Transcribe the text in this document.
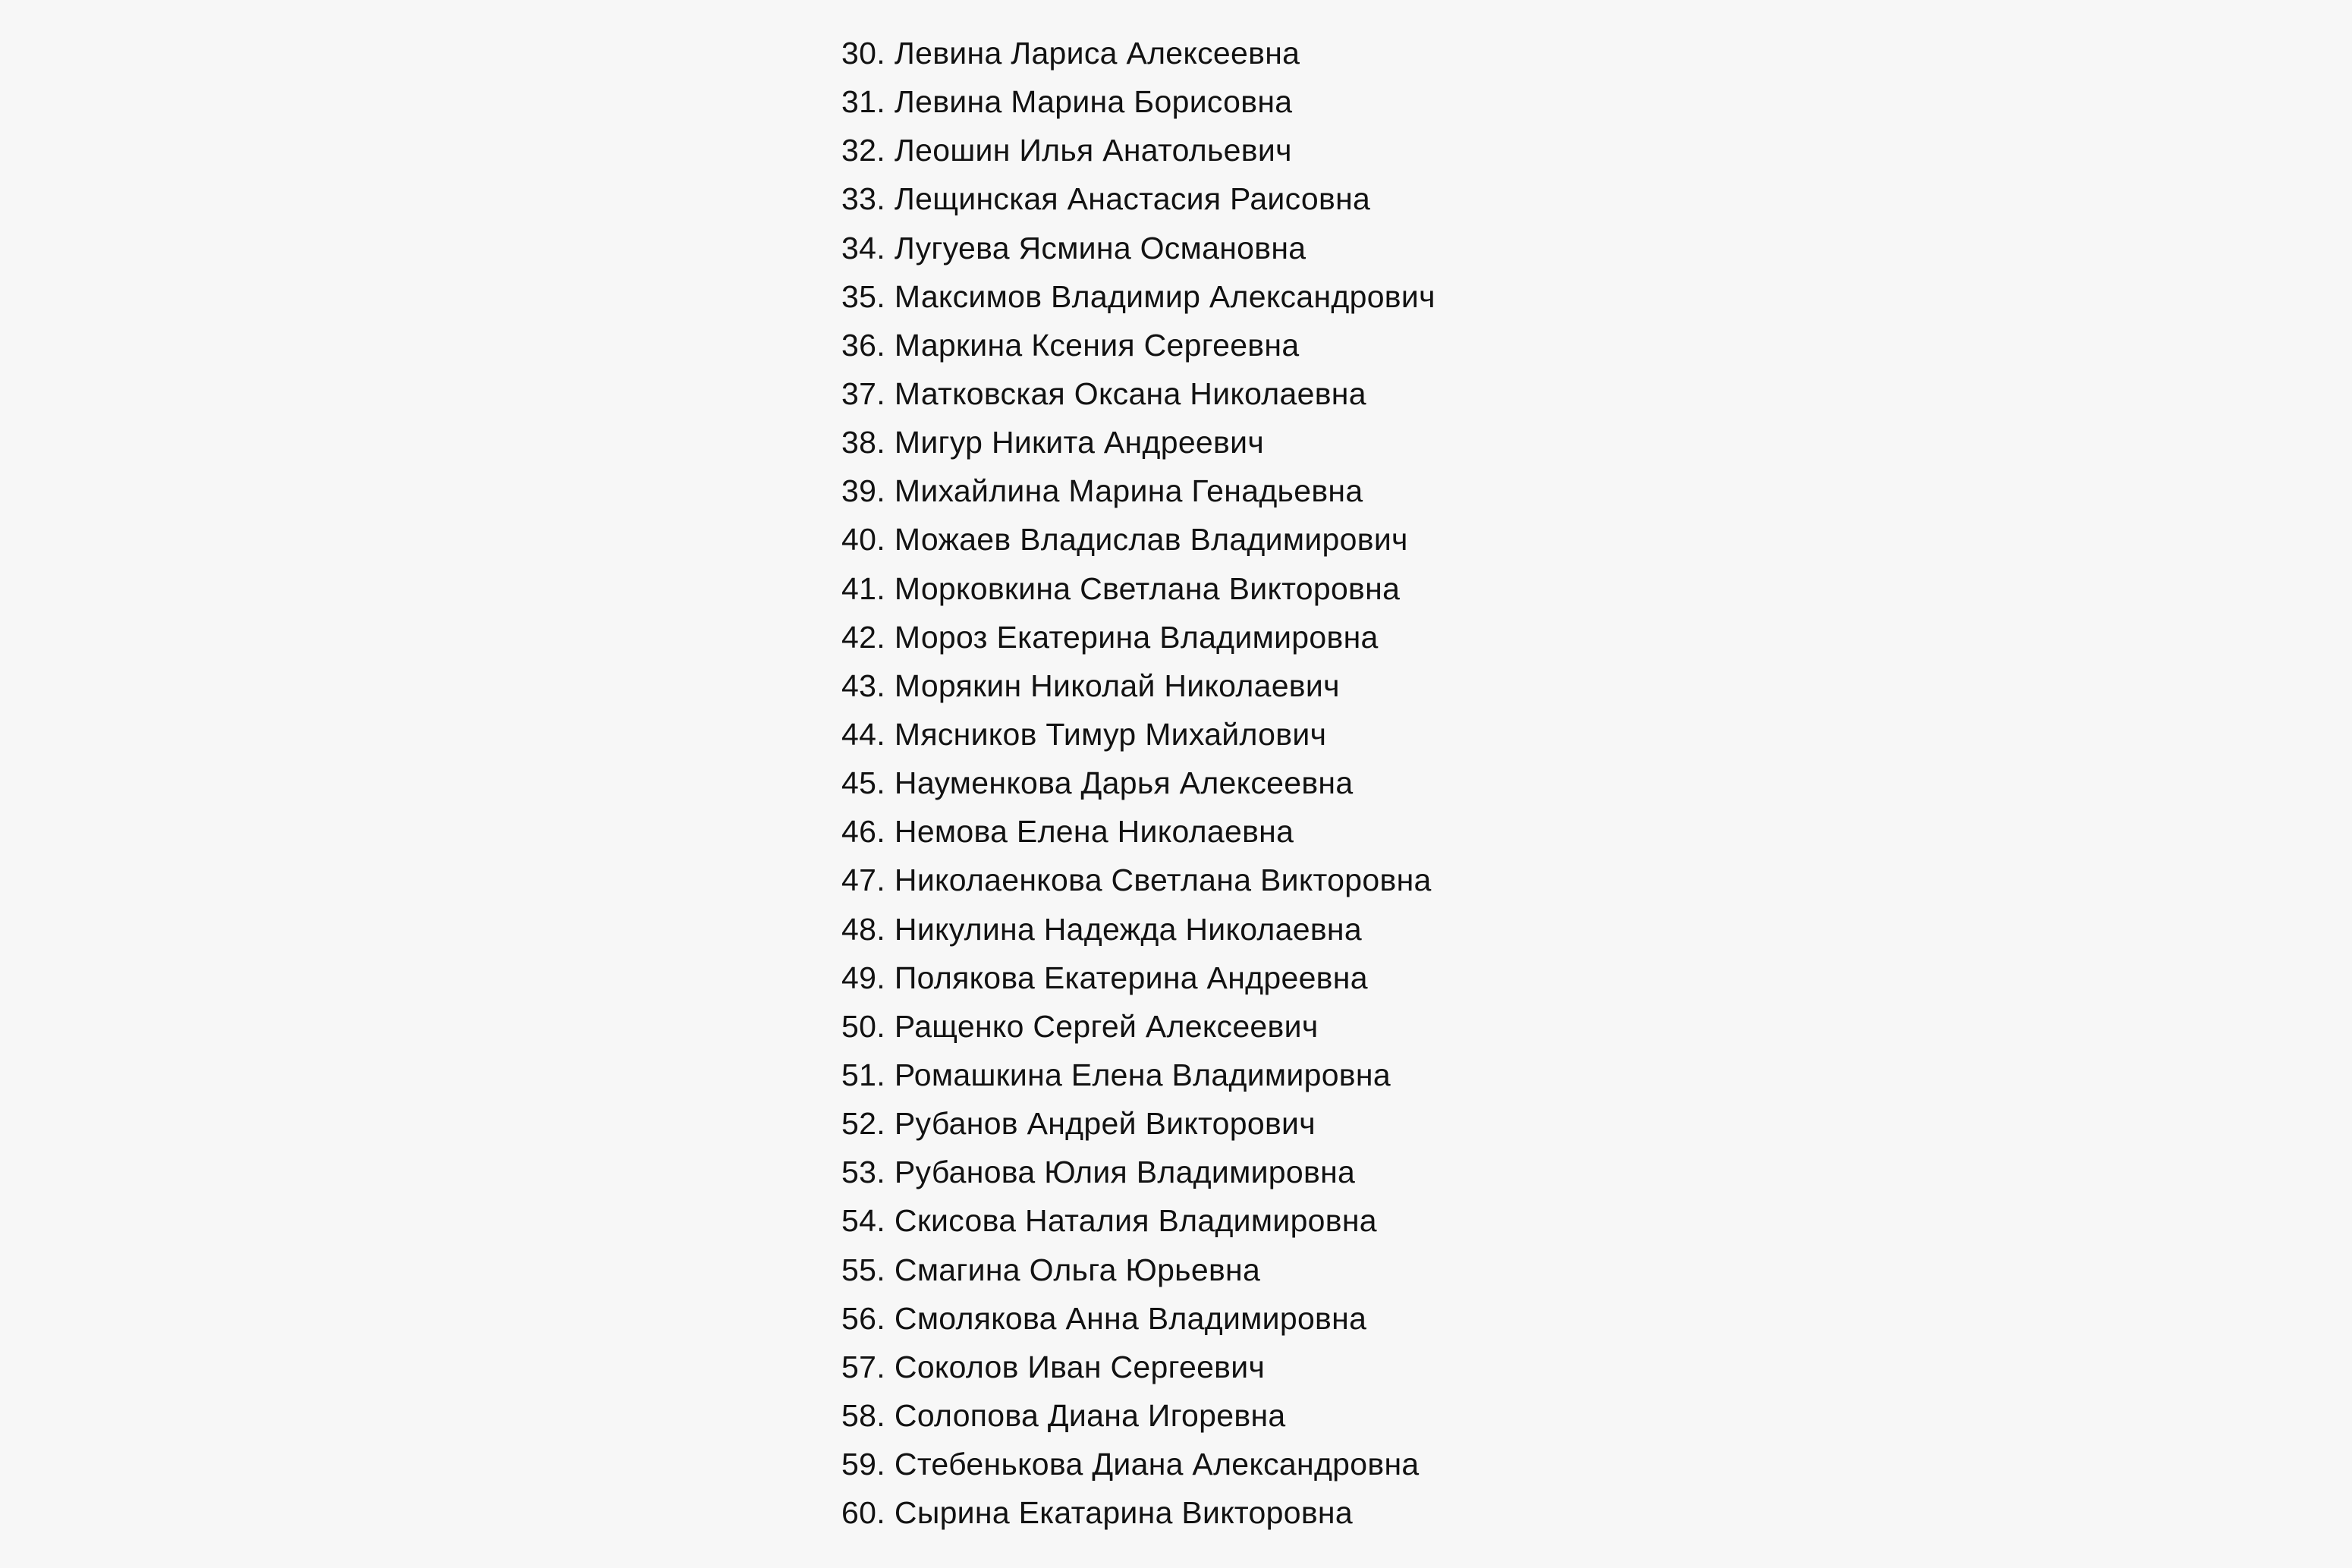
30. Левина Лариса Алексеевна
31. Левина Марина Борисовна
32. Леошин Илья Анатольевич
33. Лещинская Анастасия Раисовна
34. Лугуева Ясмина Османовна
35. Максимов Владимир Александрович
36. Маркина Ксения Сергеевна
37. Матковская Оксана Николаевна
38. Мигур Никита Андреевич
39. Михайлина Марина Генадьевна
40. Можаев Владислав Владимирович
41. Морковкина Светлана Викторовна
42. Мороз Екатерина Владимировна
43. Морякин Николай Николаевич
44. Мясников Тимур Михайлович
45. Науменкова Дарья Алексеевна
46. Немова Елена Николаевна
47. Николаенкова Светлана Викторовна
48. Никулина Надежда Николаевна
49. Полякова Екатерина Андреевна
50. Ращенко Сергей Алексеевич
51. Ромашкина Елена Владимировна
52. Рубанов Андрей Викторович
53. Рубанова Юлия Владимировна
54. Скисова Наталия Владимировна
55. Смагина Ольга Юрьевна
56. Смолякова Анна Владимировна
57. Соколов Иван Сергеевич
58. Солопова Диана Игоревна
59. Стебенькова Диана Александровна
60. Сырина Екатарина Викторовна
